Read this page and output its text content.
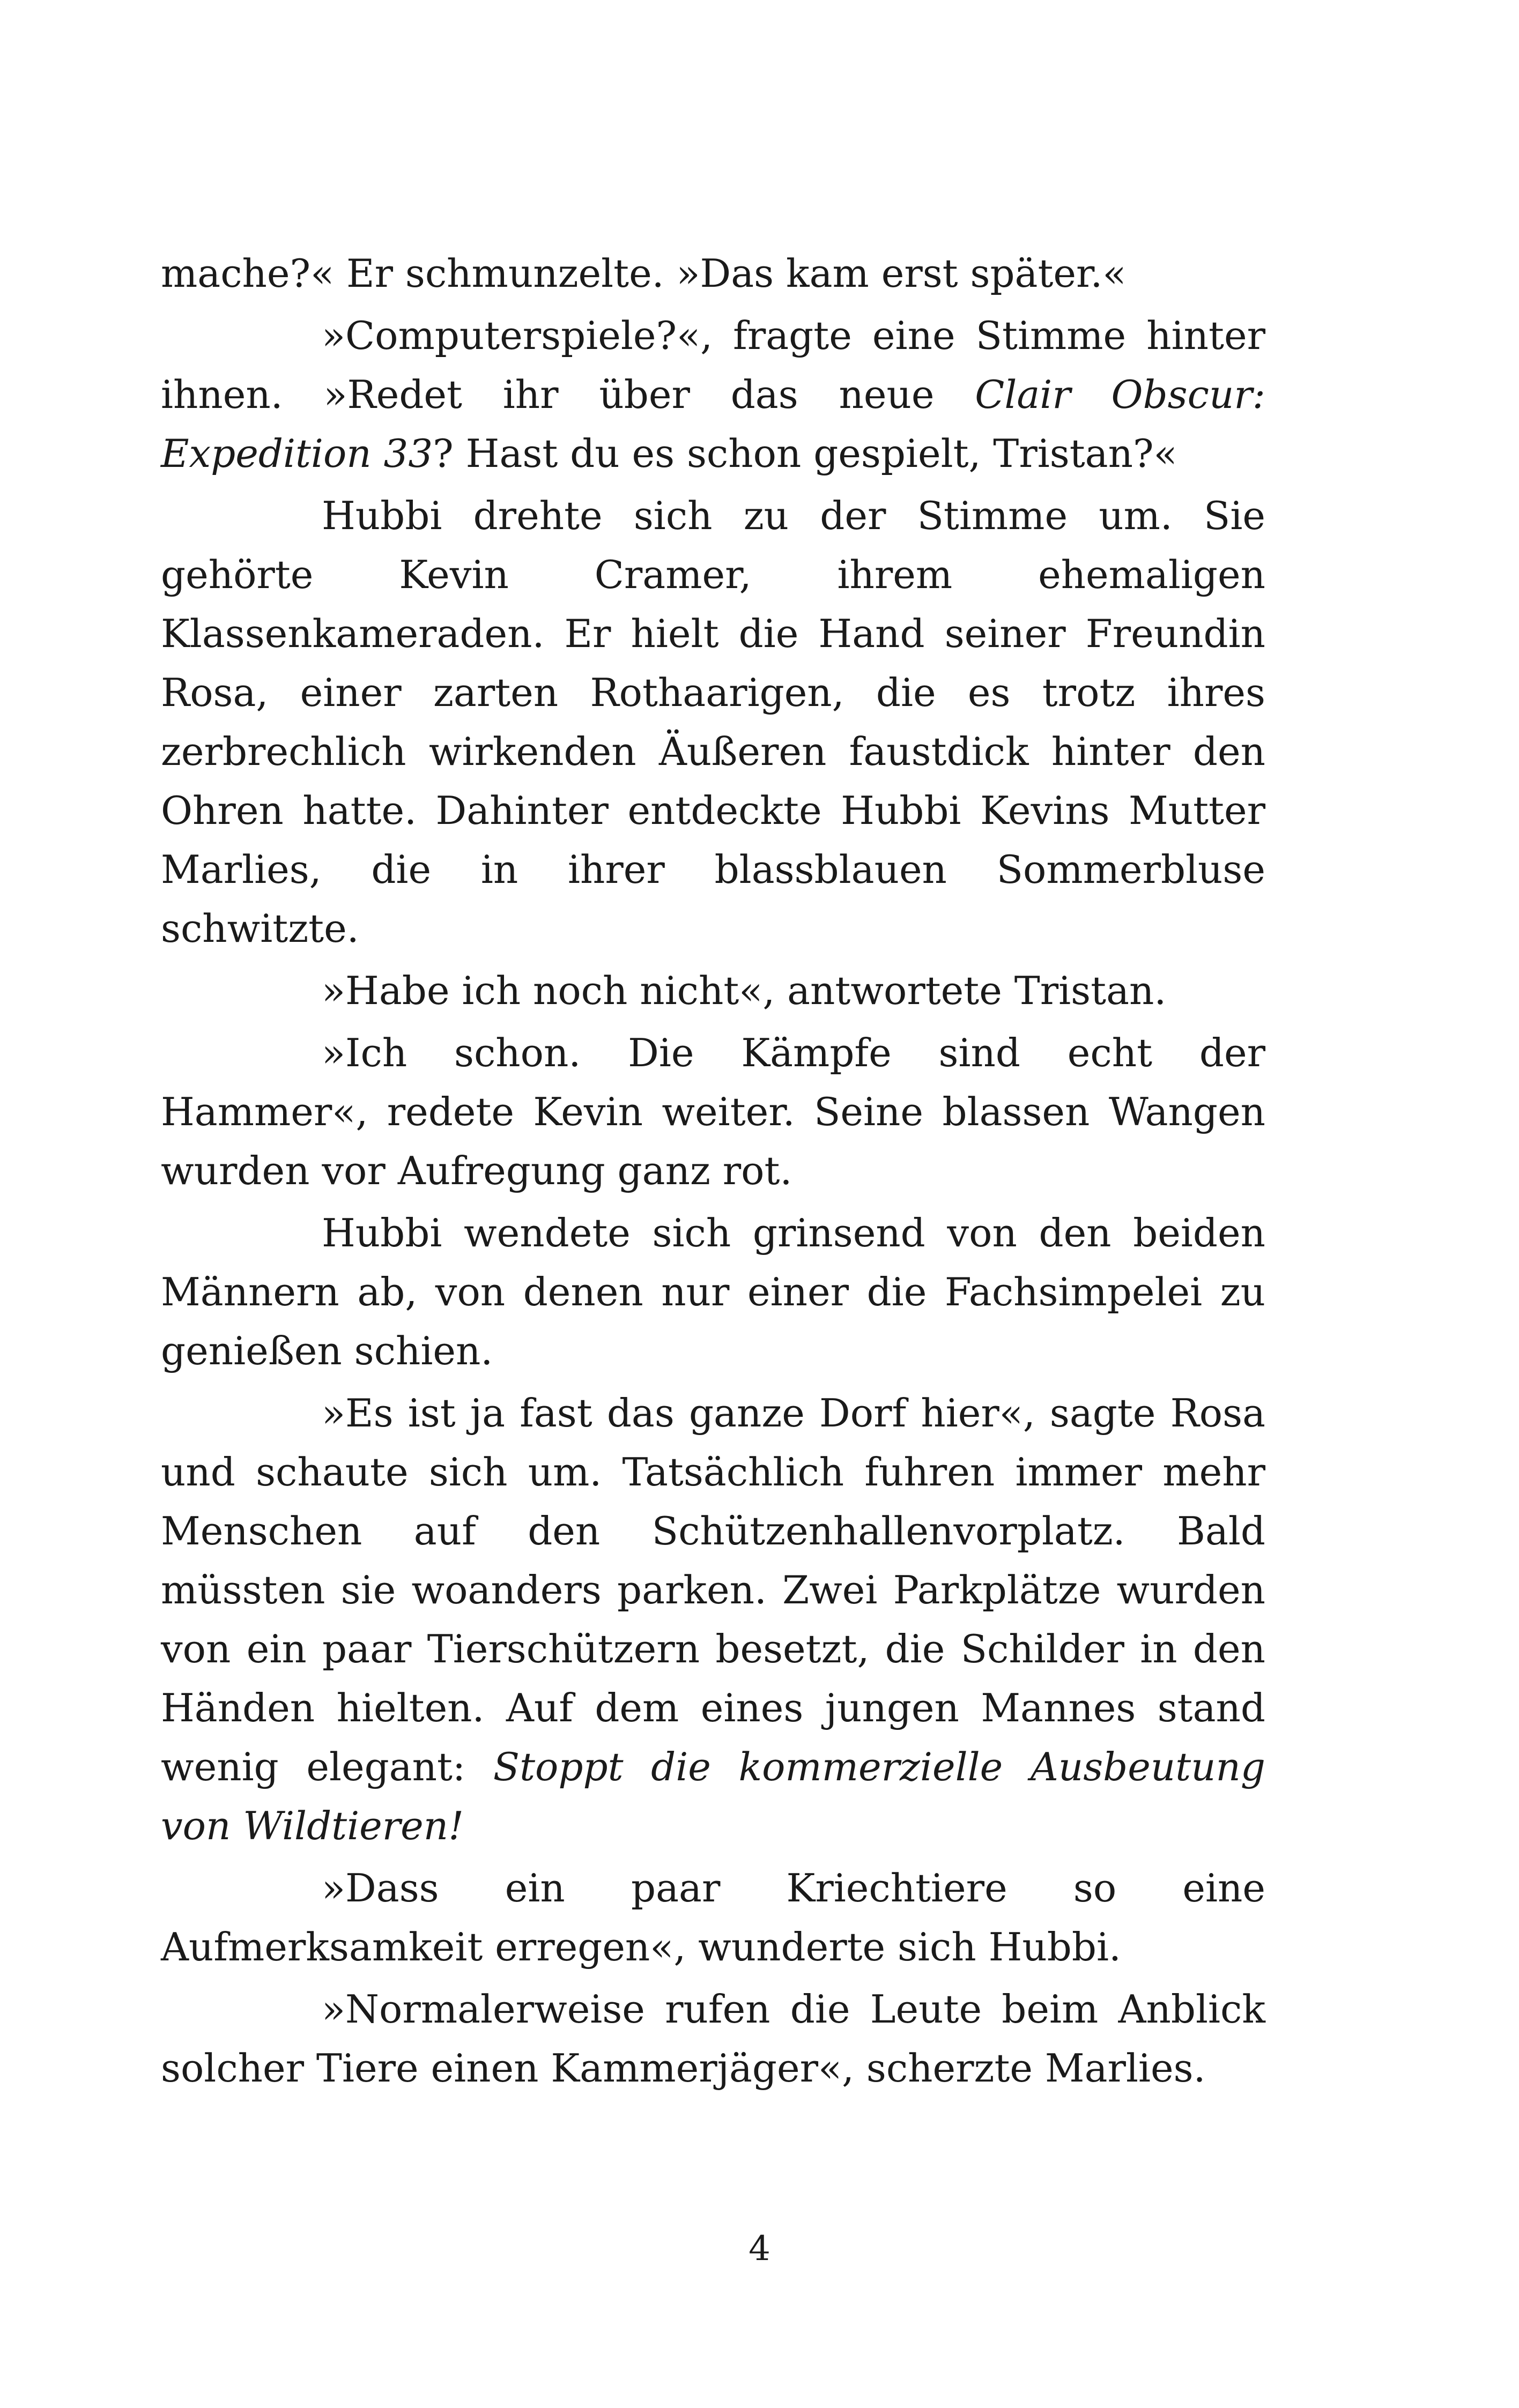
mache?« Er schmunzelte. »Das kam erst später.«

»Computerspiele?«, fragte eine Stimme hinter ihnen. »Redet ihr über das neue Clair Obscur: Expedition 33? Hast du es schon gespielt, Tristan?«

Hubbi drehte sich zu der Stimme um. Sie gehörte Kevin Cramer, ihrem ehemaligen Klassenkameraden. Er hielt die Hand seiner Freundin Rosa, einer zarten Rothaarigen, die es trotz ihres zerbrechlich wirkenden Äußeren faustdick hinter den Ohren hatte. Dahinter entdeckte Hubbi Kevins Mutter Marlies, die in ihrer blassblauen Sommerbluse schwitzte.

»Habe ich noch nicht«, antwortete Tristan.

»Ich schon. Die Kämpfe sind echt der Hammer«, redete Kevin weiter. Seine blassen Wangen wurden vor Aufregung ganz rot.

Hubbi wendete sich grinsend von den beiden Männern ab, von denen nur einer die Fachsimpelei zu genießen schien.

»Es ist ja fast das ganze Dorf hier«, sagte Rosa und schaute sich um. Tatsächlich fuhren immer mehr Menschen auf den Schützenhallenvorplatz. Bald müssten sie woanders parken. Zwei Parkplätze wurden von ein paar Tierschützern besetzt, die Schilder in den Händen hielten. Auf dem eines jungen Mannes stand wenig elegant: Stoppt die kommerzielle Ausbeutung von Wildtieren!

»Dass ein paar Kriechtiere so eine Aufmerksamkeit erregen«, wunderte sich Hubbi.

»Normalerweise rufen die Leute beim Anblick solcher Tiere einen Kammerjäger«, scherzte Marlies.

4
